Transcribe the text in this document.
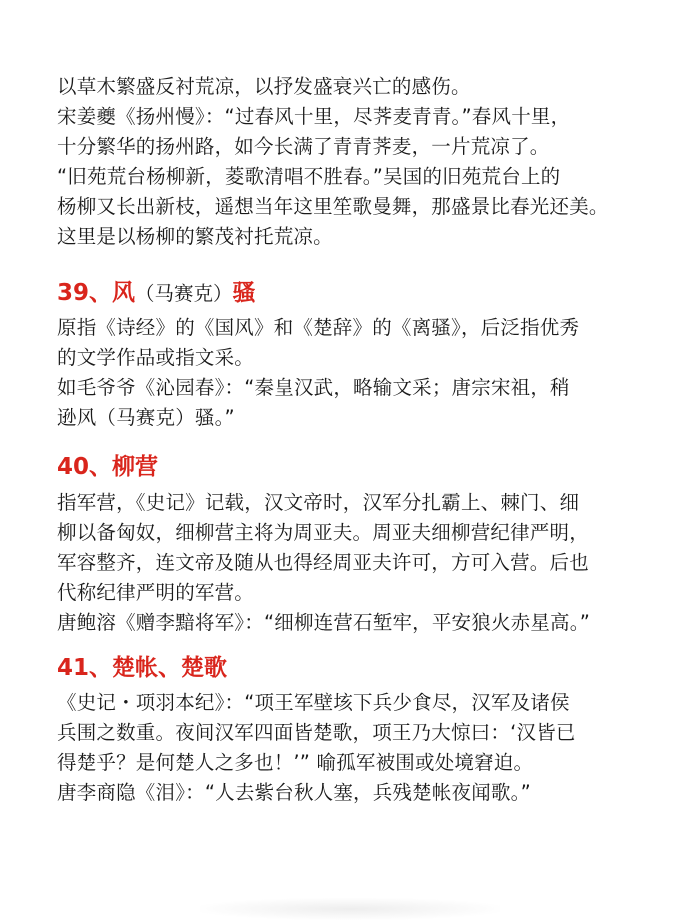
以草木繁盛反衬荒凉，以抒发盛衰兴亡的感伤。
宋姜夔《扬州慢》：“过春风十里，尽荠麦青青。”春风十里，
十分繁华的扬州路，如今长满了青青荠麦，一片荒凉了。
“旧苑荒台杨柳新，菱歌清唱不胜春。”吴国的旧苑荒台上的
杨柳又长出新枝，遥想当年这里笙歌曼舞，那盛景比春光还美。
这里是以杨柳的繁茂衬托荒凉。
39、风（马赛克）骚
原指《诗经》的《国风》和《楚辞》的《离骚》，后泛指优秀
的文学作品或指文采。
如毛爷爷《沁园春》：“秦皇汉武，略输文采；唐宗宋祖，稍
逊风（马赛克）骚。”
40、柳营
指军营，《史记》记载，汉文帝时，汉军分扎霸上、棘门、细
柳以备匈奴，细柳营主将为周亚夫。周亚夫细柳营纪律严明，
军容整齐，连文帝及随从也得经周亚夫许可，方可入营。后也
代称纪律严明的军营。
唐鲍溶《赠李黯将军》：“细柳连营石堑牢，平安狼火赤星高。”
41、楚帐、楚歌
《史记・项羽本纪》：“项王军壁垓下兵少食尽，汉军及诸侯
兵围之数重。夜间汉军四面皆楚歌，项王乃大惊曰：‘汉皆已
得楚乎？是何楚人之多也！’” 喻孤军被围或处境窘迫。
唐李商隐《泪》：“人去紫台秋人塞，兵残楚帐夜闻歌。”
